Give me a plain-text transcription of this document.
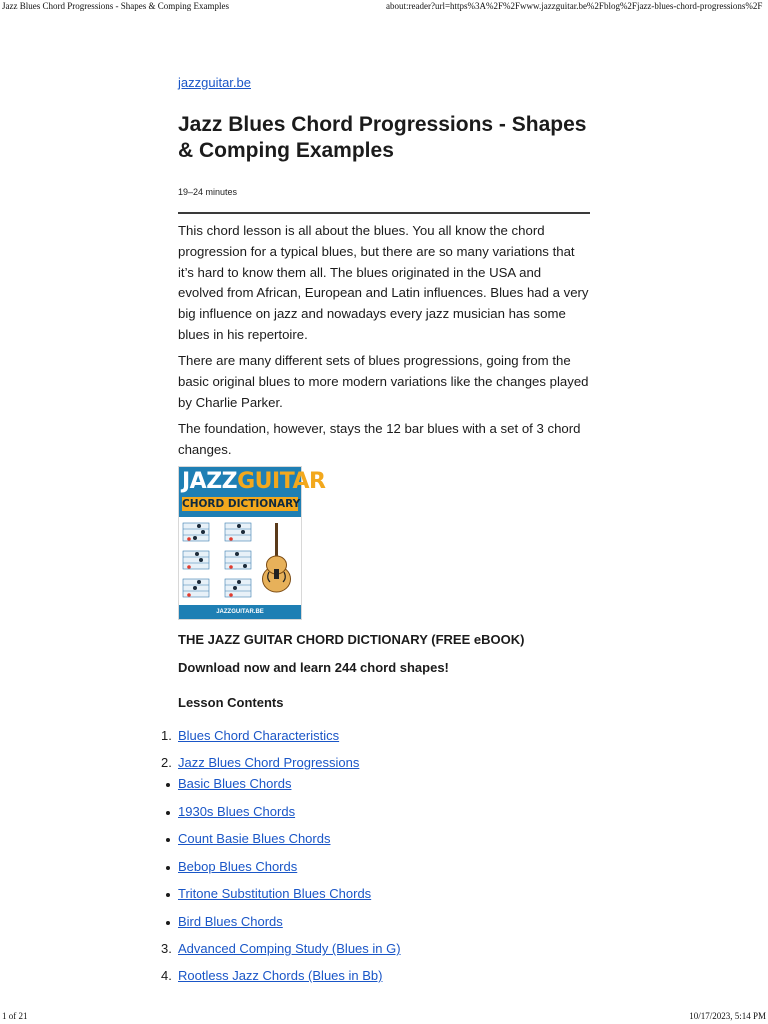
Jazz Blues Chord Progressions - Shapes & Comping Examples	about:reader?url=https%3A%2F%2Fwww.jazzguitar.be%2Fblog%2Fjazz-blues-chord-progressions%2F
jazzguitar.be
Jazz Blues Chord Progressions - Shapes & Comping Examples
19–24 minutes

This chord lesson is all about the blues. You all know the chord progression for a typical blues, but there are so many variations that it’s hard to know them all. The blues originated in the USA and evolved from African, European and Latin influences. Blues had a very big influence on jazz and nowadays every jazz musician has some blues in his repertoire.

There are many different sets of blues progressions, going from the basic original blues to more modern variations like the changes played by Charlie Parker.

The foundation, however, stays the 12 bar blues with a set of 3 chord changes.

JAZZGUITAR
CHORD DICTIONARY
JAZZGUITAR.BE
THE JAZZ GUITAR CHORD DICTIONARY (FREE eBOOK)
Download now and learn 244 chord shapes!
Lesson Contents
1. Blues Chord Characteristics
2. Jazz Blues Chord Progressions
Basic Blues Chords
1930s Blues Chords
Count Basie Blues Chords
Bebop Blues Chords
Tritone Substitution Blues Chords
Bird Blues Chords
3. Advanced Comping Study (Blues in G)
4. Rootless Jazz Chords (Blues in Bb)
1 of 21	10/17/2023, 5:14 PM
